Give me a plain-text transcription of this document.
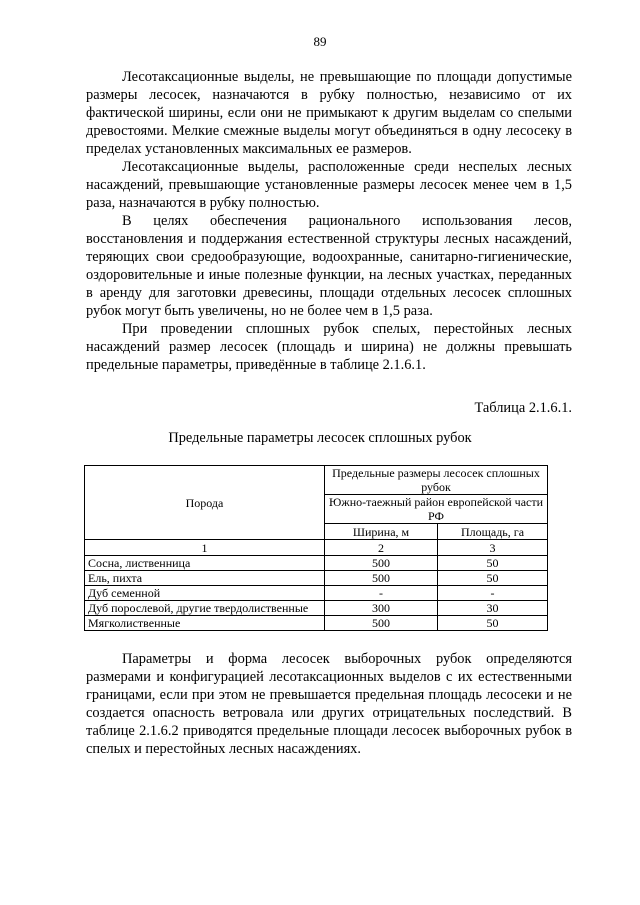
89

Лесотаксационные выделы, не превышающие по площади допустимые размеры лесосек, назначаются в рубку полностью, независимо от их фактической ширины, если они не примыкают к другим выделам со спелыми древостоями. Мелкие смежные выделы могут объединяться в одну лесосеку в пределах установленных максимальных ее размеров.

Лесотаксационные выделы, расположенные среди неспелых лесных насаждений, превышающие установленные размеры лесосек менее чем в 1,5 раза, назначаются в рубку полностью.

В целях обеспечения рационального использования лесов, восстановления и поддержания естественной структуры лесных насаждений, теряющих свои средообразующие, водоохранные, санитарно-гигиенические, оздоровительные и иные полезные функции, на лесных участках, переданных в аренду для заготовки древесины, площади отдельных лесосек сплошных рубок могут быть увеличены, но не более чем в 1,5 раза.

При проведении сплошных рубок спелых, перестойных лесных насаждений размер лесосек (площадь и ширина) не должны превышать предельные параметры, приведённые в таблице 2.1.6.1.

Таблица 2.1.6.1.
Предельные параметры лесосек сплошных рубок
Порода	Предельные размеры лесосек сплошных рубок	
	Южно-таежный район европейской части РФ	
	Ширина, м	Площадь, га
1	2	3
Сосна, лиственница	500	50
Ель, пихта	500	50
Дуб семенной	-	-
Дуб порослевой, другие твердолиственные	300	30
Мягколиственные	500	50

Параметры и форма лесосек выборочных рубок определяются размерами и конфигурацией лесотаксационных выделов с их естественными границами, если при этом не превышается предельная площадь лесосеки и не создается опасность ветровала или других отрицательных последствий. В таблице 2.1.6.2 приводятся предельные площади лесосек выборочных рубок в спелых и перестойных лесных насаждениях.
